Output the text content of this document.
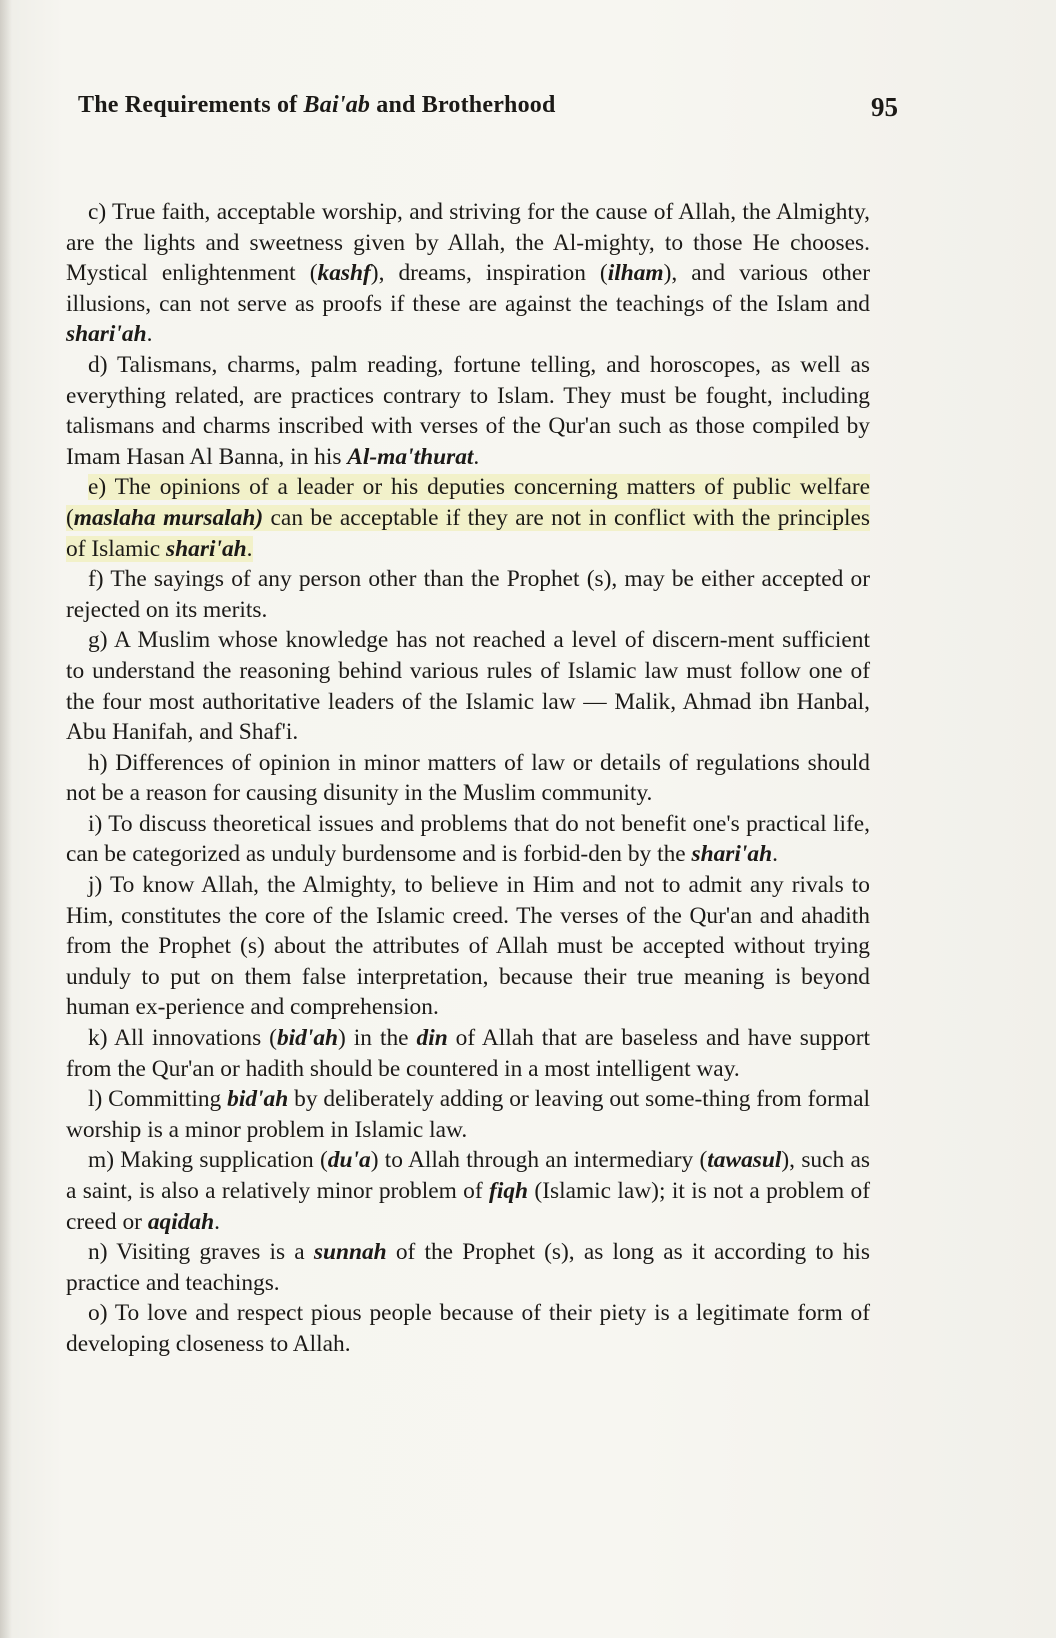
The Requirements of Bai'ab and Brotherhood	95

c) True faith, acceptable worship, and striving for the cause of Allah, the Almighty, are the lights and sweetness given by Allah, the Al-mighty, to those He chooses. Mystical enlightenment (kashf), dreams, inspiration (ilham), and various other illusions, can not serve as proofs if these are against the teachings of the Islam and shari'ah.

d) Talismans, charms, palm reading, fortune telling, and horoscopes, as well as everything related, are practices contrary to Islam. They must be fought, including talismans and charms inscribed with verses of the Qur'an such as those compiled by Imam Hasan Al Banna, in his Al-ma'thurat.

e) The opinions of a leader or his deputies concerning matters of public welfare (maslaha mursalah) can be acceptable if they are not in conflict with the principles of Islamic shari'ah.

f) The sayings of any person other than the Prophet (s), may be either accepted or rejected on its merits.

g) A Muslim whose knowledge has not reached a level of discern-ment sufficient to understand the reasoning behind various rules of Islamic law must follow one of the four most authoritative leaders of the Islamic law — Malik, Ahmad ibn Hanbal, Abu Hanifah, and Shaf'i.

h) Differences of opinion in minor matters of law or details of regulations should not be a reason for causing disunity in the Muslim community.

i) To discuss theoretical issues and problems that do not benefit one's practical life, can be categorized as unduly burdensome and is forbid-den by the shari'ah.

j) To know Allah, the Almighty, to believe in Him and not to admit any rivals to Him, constitutes the core of the Islamic creed. The verses of the Qur'an and ahadith from the Prophet (s) about the attributes of Allah must be accepted without trying unduly to put on them false interpretation, because their true meaning is beyond human ex-perience and comprehension.

k) All innovations (bid'ah) in the din of Allah that are baseless and have support from the Qur'an or hadith should be countered in a most intelligent way.

l) Committing bid'ah by deliberately adding or leaving out some-thing from formal worship is a minor problem in Islamic law.

m) Making supplication (du'a) to Allah through an intermediary (tawasul), such as a saint, is also a relatively minor problem of fiqh (Islamic law); it is not a problem of creed or aqidah.

n) Visiting graves is a sunnah of the Prophet (s), as long as it according to his practice and teachings.

o) To love and respect pious people because of their piety is a legitimate form of developing closeness to Allah.
